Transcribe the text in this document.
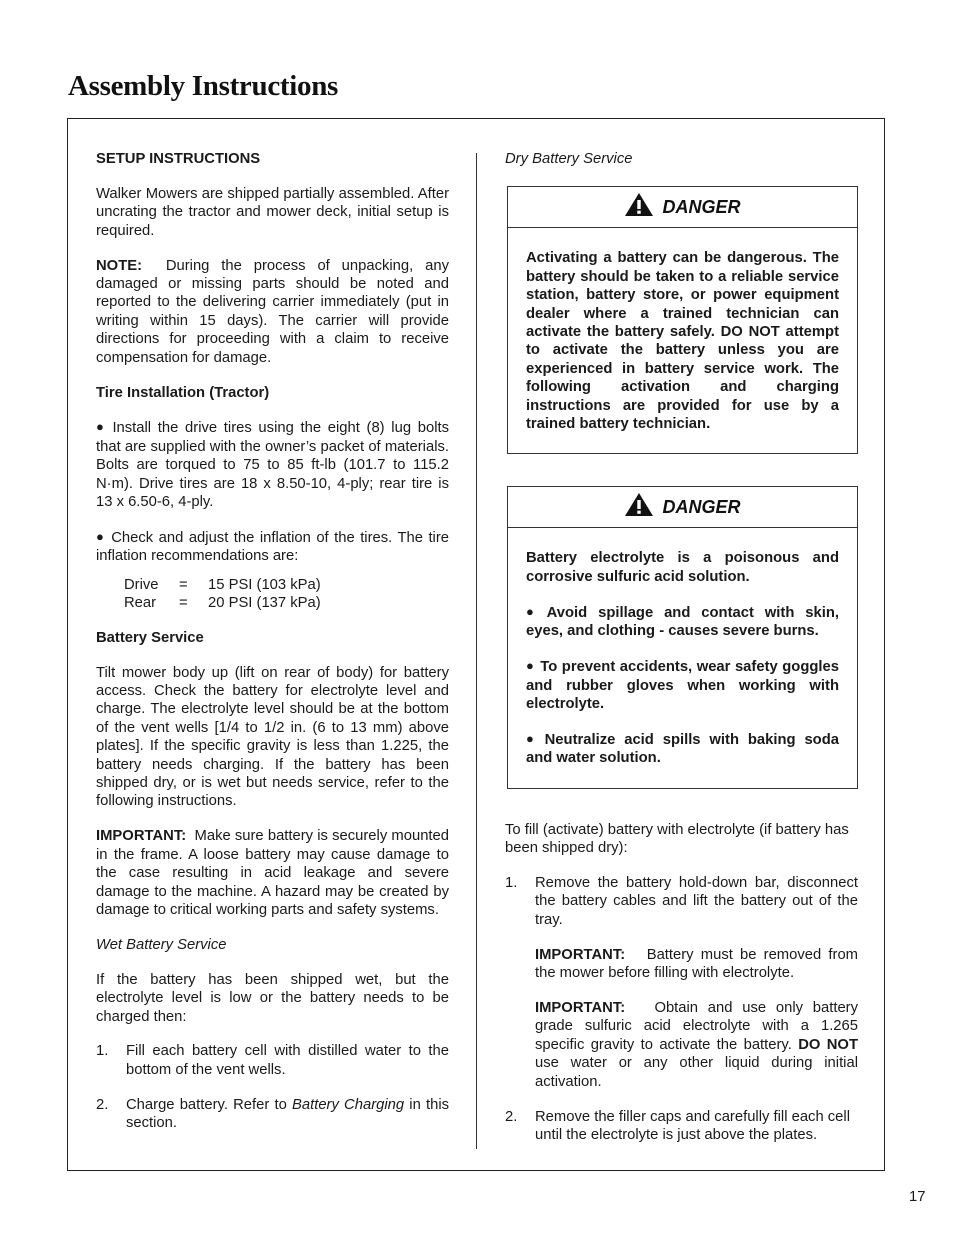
Assembly Instructions

SETUP INSTRUCTIONS

Walker Mowers are shipped partially assembled. After uncrating the tractor and mower deck, initial setup is required.

NOTE: During the process of unpacking, any damaged or missing parts should be noted and reported to the delivering carrier immediately (put in writing within 15 days). The carrier will provide directions for proceeding with a claim to receive compensation for damage.

Tire Installation (Tractor)

● Install the drive tires using the eight (8) lug bolts that are supplied with the owner’s packet of materials. Bolts are torqued to 75 to 85 ft-lb (101.7 to 115.2 N·m). Drive tires are 18 x 8.50-10, 4-ply; rear tire is 13 x 6.50-6, 4-ply.

● Check and adjust the inflation of the tires. The tire inflation recommendations are:

Drive	=	15 PSI (103 kPa)
Rear	=	20 PSI (137 kPa)

Battery Service

Tilt mower body up (lift on rear of body) for battery access. Check the battery for electrolyte level and charge. The electrolyte level should be at the bottom of the vent wells [1/4 to 1/2 in. (6 to 13 mm) above plates]. If the specific gravity is less than 1.225, the battery needs charging. If the battery has been shipped dry, or is wet but needs service, refer to the following instructions.

IMPORTANT: Make sure battery is securely mounted in the frame. A loose battery may cause damage to the case resulting in acid leakage and severe damage to the machine. A hazard may be created by damage to critical working parts and safety systems.

Wet Battery Service

If the battery has been shipped wet, but the electrolyte level is low or the battery needs to be charged then:

1.	Fill each battery cell with distilled water to the bottom of the vent wells.
2.	Charge battery. Refer to Battery Charging in this section.

Dry Battery Service

DANGER

Activating a battery can be dangerous. The battery should be taken to a reliable service station, battery store, or power equipment dealer where a trained technician can activate the battery safely. DO NOT attempt to activate the battery unless you are experienced in battery service work. The following activation and charging instructions are provided for use by a trained battery technician.

DANGER

Battery electrolyte is a poisonous and corrosive sulfuric acid solution.

● Avoid spillage and contact with skin, eyes, and clothing - causes severe burns.

● To prevent accidents, wear safety goggles and rubber gloves when working with electrolyte.

● Neutralize acid spills with baking soda and water solution.

To fill (activate) battery with electrolyte (if battery has been shipped dry):

1.	Remove the battery hold-down bar, disconnect the battery cables and lift the battery out of the tray.

IMPORTANT: Battery must be removed from the mower before filling with electrolyte.

IMPORTANT: Obtain and use only battery grade sulfuric acid electrolyte with a 1.265 specific gravity to activate the battery. DO NOT use water or any other liquid during initial activation.

2.	Remove the filler caps and carefully fill each cell until the electrolyte is just above the plates.
17
